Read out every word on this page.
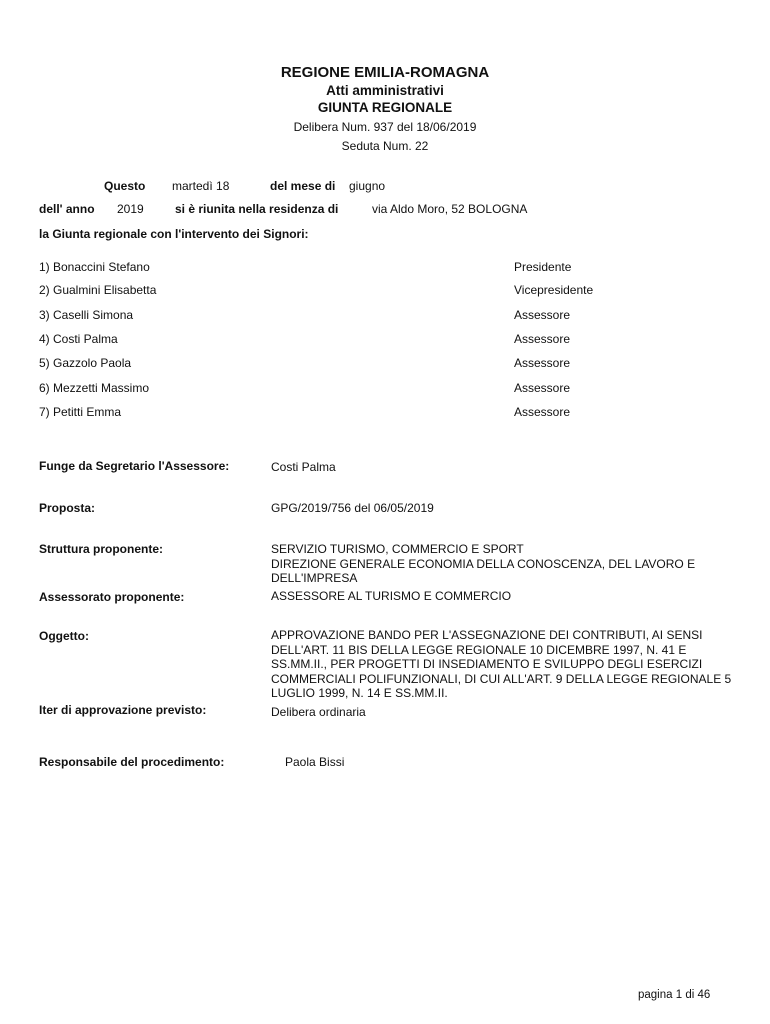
REGIONE EMILIA-ROMAGNA
Atti amministrativi
GIUNTA REGIONALE
Delibera Num. 937 del 18/06/2019
Seduta Num. 22
Questo martedì 18	del mese di giugno
dell' anno 2019	si è riunita nella residenza di	via Aldo Moro, 52 BOLOGNA
la Giunta regionale con l'intervento dei Signori:
1) Bonaccini Stefano	Presidente
2) Gualmini Elisabetta	Vicepresidente
3) Caselli Simona	Assessore
4) Costi Palma	Assessore
5) Gazzolo Paola	Assessore
6) Mezzetti Massimo	Assessore
7) Petitti Emma	Assessore
Funge da Segretario l'Assessore:	Costi Palma
Proposta:	GPG/2019/756 del 06/05/2019
Struttura proponente:	SERVIZIO TURISMO, COMMERCIO E SPORT
DIREZIONE GENERALE ECONOMIA DELLA CONOSCENZA, DEL LAVORO E DELL'IMPRESA
Assessorato proponente:	ASSESSORE AL TURISMO E COMMERCIO
Oggetto:	APPROVAZIONE BANDO PER L'ASSEGNAZIONE DEI CONTRIBUTI, AI SENSI DELL'ART. 11 BIS DELLA LEGGE REGIONALE 10 DICEMBRE 1997, N. 41 E SS.MM.II., PER PROGETTI DI INSEDIAMENTO E SVILUPPO DEGLI ESERCIZI COMMERCIALI POLIFUNZIONALI, DI CUI ALL'ART. 9 DELLA LEGGE REGIONALE 5 LUGLIO 1999, N. 14 E SS.MM.II.
Iter di approvazione previsto:	Delibera ordinaria
Responsabile del procedimento:	Paola Bissi
pagina 1 di 46
